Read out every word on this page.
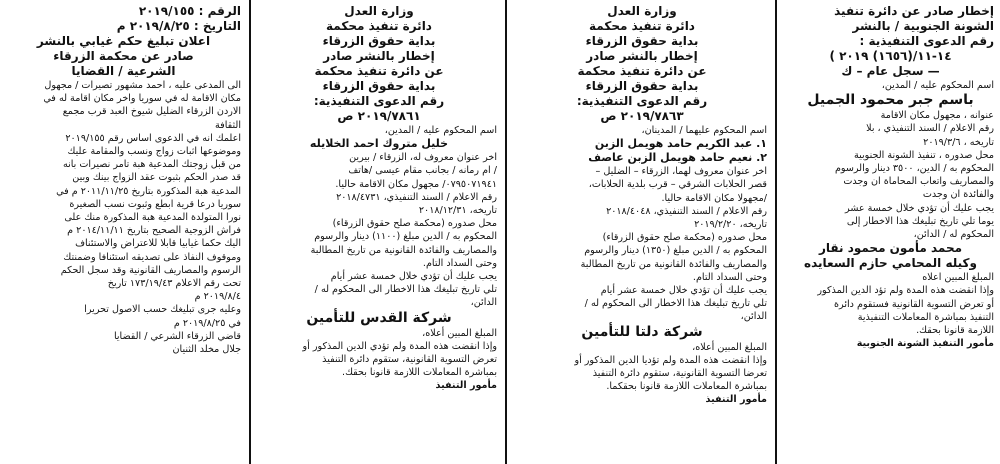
إخطار صادر عن دائرة تنفيذ

الشونة الجنوبية / بالنشر

رقم الدعوى التنفيذية :

١٤-١١/(١٦٥٦) ٢٠١٩ )

— سجل عام – ك

اسم المحكوم عليه / المدين،

باسم جبر محمود الجميل

عنوانه ، مجهول مكان الاقامة

رقم الاعلام / السند التنفيذي ، بلا

تاريخه ، ٢٠١٩/٣/٦

محل صدوره ، تنفيذ الشونة الجنوبية

المحكوم به / الدين، ٣٥٠٠ دينار والرسوم

والمصاريف واتعاب المحاماة ان وجدت

والفائدة ان وجدت

يجب عليك أن تؤدي خلال خمسة عشر

يوما تلي تاريخ تبليغك هذا الاخطار إلى

المحكوم له / الدائن،

محمد مأمون محمود نقار

وكيله المحامي حازم السعايده

المبلغ المبين اعلاه

وإذا انقضت هذه المدة ولم تؤد الدين المذكور

أو تعرض التسوية القانونية فستقوم دائرة

التنفيذ بمباشرة المعاملات التنفيذية

اللازمة قانونا بحقك.

مأمور التنفيذ الشونة الجنوبية

وزارة العدل

دائرة تنفيذ محكمة

بداية حقوق الزرقاء

إخطار بالنشر صادر

عن دائرة تنفيذ محكمة

بداية حقوق الزرقاء

رقم الدعوى التنفيذية:

٢٠١٩/٧٨٦٣ ص

اسم المحكوم عليهما / المدينان،

١. عبد الكريم حامد هويمل الزبن

٢. نعيم حامد هويمل الزبن عاصف

اخر عنوان معروف لهما، الزرقاء – الضليل –

قصر الحلابات الشرقي – قرب بلدية الحلابات،

/مجهولا مكان الاقامة حاليا.

رقم الاعلام / السند التنفيذي، ٢٠١٨/٤٠٤٨

تاريخه، ٢٠١٩/٢/٢٠

محل صدوره (محكمة صلح حقوق الزرقاء)

المحكوم به / الدين مبلغ (١٣٥٠) دينار والرسوم

والمصاريف والفائدة القانونية من تاريخ المطالبة

وحتى السداد التام.

يجب عليك أن تؤدي خلال خمسة عشر أيام

تلي تاريخ تبليغك هذا الاخطار الى المحكوم له /

الدائن،

شركة دلتا للتأمين

المبلغ المبين أعلاه،

وإذا انقضت هذه المدة ولم تؤديا الدين المذكور أو

تعرضا التسوية القانونية، ستقوم دائرة التنفيذ

بمباشرة المعاملات اللازمة قانونا بحقكما.

مأمور التنفيذ

وزارة العدل

دائرة تنفيذ محكمة

بداية حقوق الزرقاء

إخطار بالنشر صادر

عن دائرة تنفيذ محكمة

بداية حقوق الزرقاء

رقم الدعوى التنفيذية:

٢٠١٩/٧٨٦١ ص

اسم المحكوم عليه / المدين،

خليل متروك احمد الخلايله

اخر عنوان معروف له، الزرقاء / بيرين

/ ام رمانه / بجانب مقام عيسى /هاتف

٠٧٩٥٠٧١٩٤١/ مجهول مكان الاقامة حاليا.

رقم الاعلام / السند التنفيذي، ٢٠١٨/٤٧٣١

تاريخه، ٢٠١٨/١٢/٣١

محل صدوره (محكمة صلح حقوق الزرقاء)

المحكوم به / الدين مبلغ (١١٠٠) دينار والرسوم

والمصاريف والفائدة القانونية من تاريخ المطالبة

وحتى السداد التام.

يجب عليك أن تؤدي خلال خمسة عشر أيام

تلي تاريخ تبليغك هذا الاخطار الى المحكوم له /

الدائن،

شركة القدس للتأمين

المبلغ المبين أعلاه،

وإذا انقضت هذه المدة ولم تؤدي الدين المذكور أو

تعرض التسوية القانونية، ستقوم دائرة التنفيذ

بمباشرة المعاملات اللازمة قانونا بحقك.

مأمور التنفيذ

الرقم : ٢٠١٩/١٥٥

التاريخ : ٢٠١٩/٨/٢٥ م

اعلان تبليغ حكم غيابي بالنشر

صادر عن محكمة الزرقاء

الشرعية / القضايا

الى المدعى عليه ، احمد مشهور تصيرات / مجهول

مكان الاقامة له في سوريا واخر مكان اقامة له في

الاردن الزرقاء الضليل شيوخ العبد قرب مجمع

الثقافة

اعلمك انه في الدعوى اساس رقم ٢٠١٩/١٥٥

وموضوعها اثبات زواج ونسب والمقامة عليك

من قبل زوجتك المدعية هبة تامر نصيرات بانه

قد صدر الحكم بثبوت عقد الزواج بينك وبين

المدعية هبة المذكورة بتاريخ ٢٠١١/١١/٢٥ م في

سوريا درعا قرية ابطع وثبوت نسب الصغيرة

نورا المتولدة المدعية هبة المذكورة منك على

فراش الزوجية الصحيح بتاريخ ٢٠١٤/١١/١١ م

اليك حكما غيابيا قابلا للاعتراض والاستئناف

وموقوف النفاذ على تصديقه استئنافا وضمنتك

الرسوم والمصاريف القانونية وقد سجل الحكم

تحت رقم الاعلام ١٧٣/١٩/٤٣ تاريخ

٢٠١٩/٨/٤ م

وعليه جرى تبليغك حسب الاصول تحريرا

في ٢٠١٩/٨/٢٥ م

قاضي الزرقاء الشرعي / القضايا

جلال مخلد الثنيان
